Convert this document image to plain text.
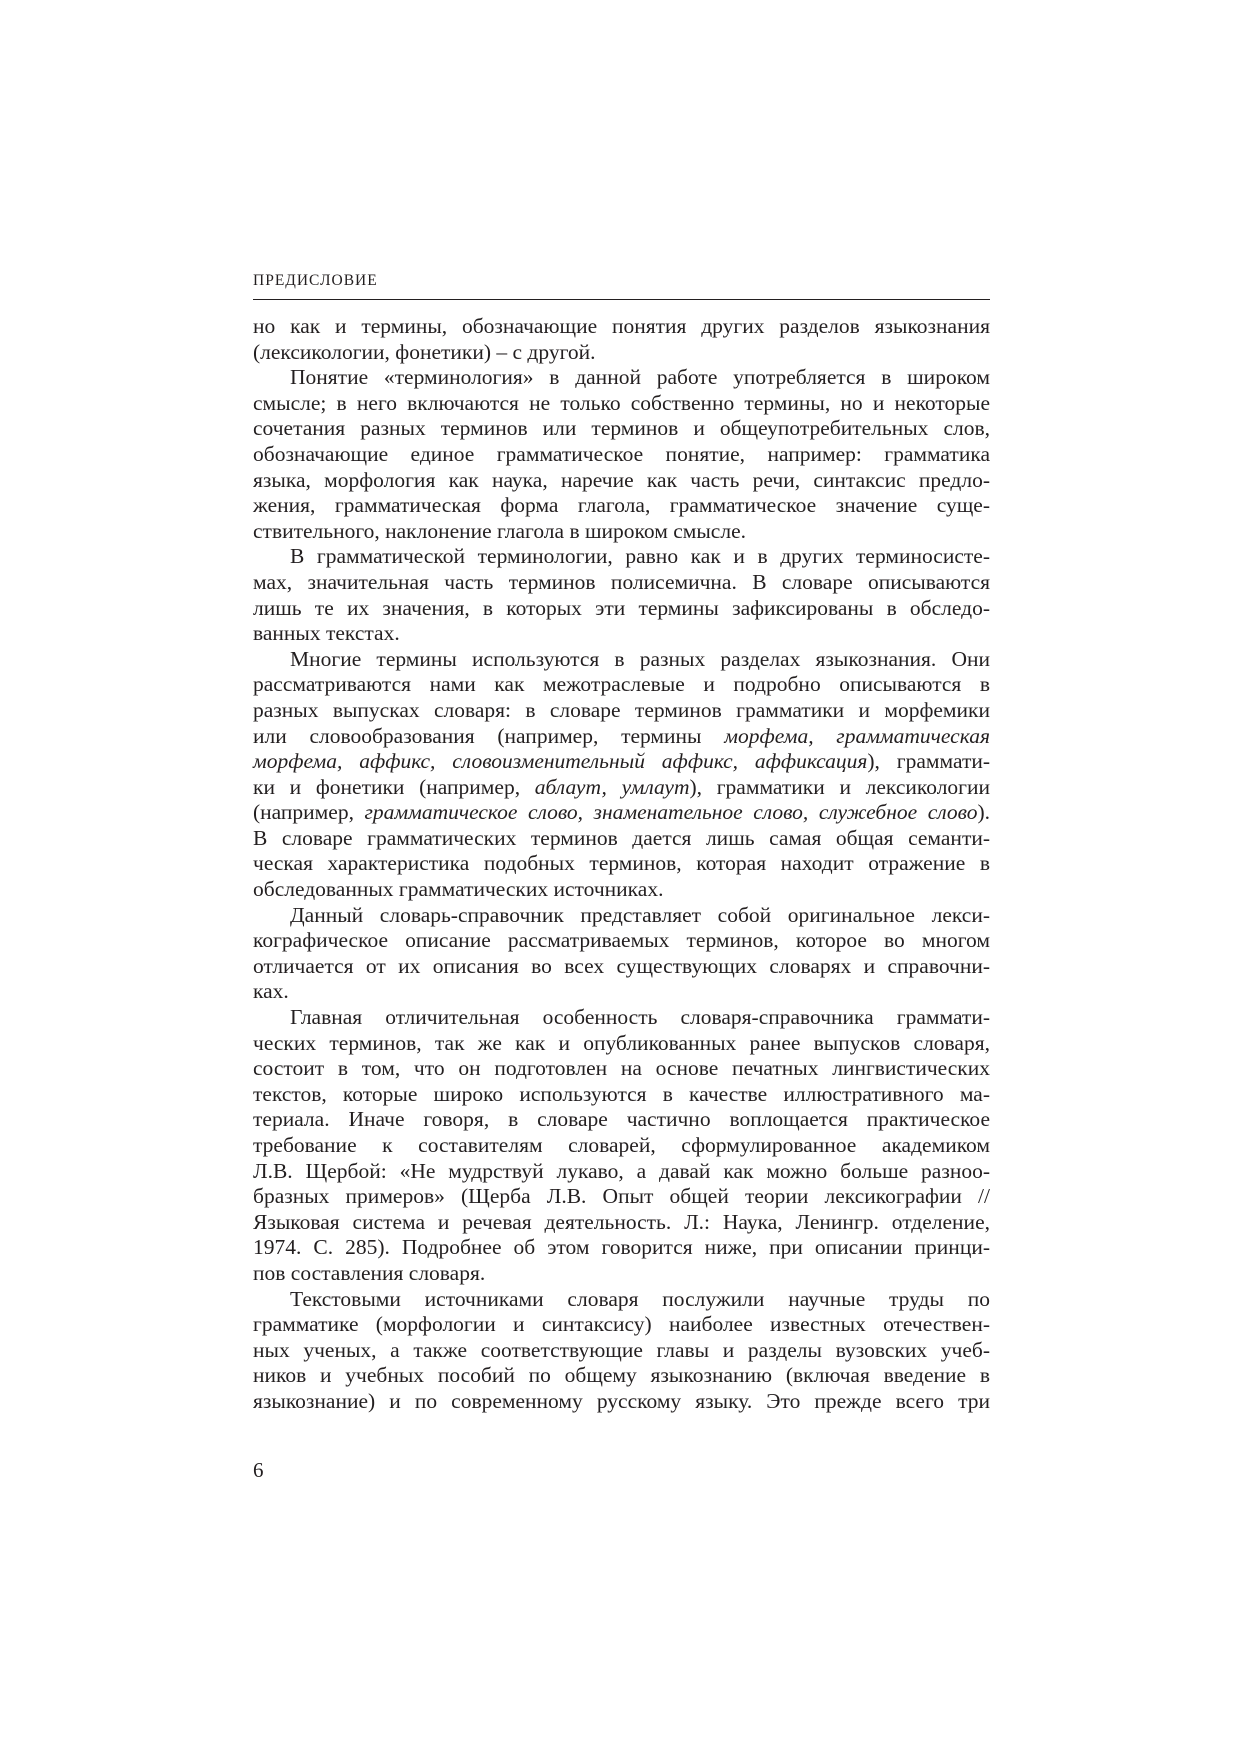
ПРЕДИСЛОВИЕ
но как и термины, обозначающие понятия других разделов языкознания
(лексикологии, фонетики) – с другой.
Понятие «терминология» в данной работе употребляется в широком
смысле; в него включаются не только собственно термины, но и некоторые
сочетания разных терминов или терминов и общеупотребительных слов,
обозначающие единое грамматическое понятие, например: грамматика
языка, морфология как наука, наречие как часть речи, синтаксис предло-
жения, грамматическая форма глагола, грамматическое значение суще-
ствительного, наклонение глагола в широком смысле.
В грамматической терминологии, равно как и в других терминосисте-
мах, значительная часть терминов полисемична. В словаре описываются
лишь те их значения, в которых эти термины зафиксированы в обследо-
ванных текстах.
Многие термины используются в разных разделах языкознания. Они
рассматриваются нами как межотраслевые и подробно описываются в
разных выпусках словаря: в словаре терминов грамматики и морфемики
или словообразования (например, термины морфема, грамматическая
морфема, аффикс, словоизменительный аффикс, аффиксация), граммати-
ки и фонетики (например, аблаут, умлаут), грамматики и лексикологии
(например, грамматическое слово, знаменательное слово, служебное слово).
В словаре грамматических терминов дается лишь самая общая семанти-
ческая характеристика подобных терминов, которая находит отражение в
обследованных грамматических источниках.
Данный словарь-справочник представляет собой оригинальное лекси-
кографическое описание рассматриваемых терминов, которое во многом
отличается от их описания во всех существующих словарях и справочни-
ках.
Главная отличительная особенность словаря-справочника граммати-
ческих терминов, так же как и опубликованных ранее выпусков словаря,
состоит в том, что он подготовлен на основе печатных лингвистических
текстов, которые широко используются в качестве иллюстративного ма-
териала. Иначе говоря, в словаре частично воплощается практическое
требование к составителям словарей, сформулированное академиком
Л.В. Щербой: «Не мудрствуй лукаво, а давай как можно больше разноо-
бразных примеров» (Щерба Л.В. Опыт общей теории лексикографии //
Языковая система и речевая деятельность. Л.: Наука, Ленингр. отделение,
1974. С. 285). Подробнее об этом говорится ниже, при описании принци-
пов составления словаря.
Текстовыми источниками словаря послужили научные труды по
грамматике (морфологии и синтаксису) наиболее известных отечествен-
ных ученых, а также соответствующие главы и разделы вузовских учеб-
ников и учебных пособий по общему языкознанию (включая введение в
языкознание) и по современному русскому языку. Это прежде всего три
6
